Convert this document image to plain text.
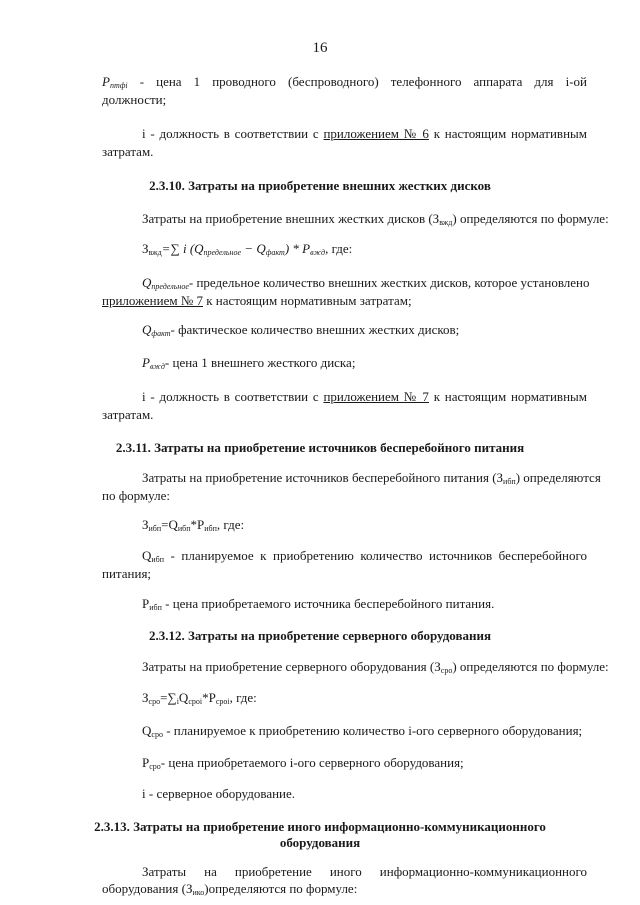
16
$P_{птфi}$ - цена 1 проводного (беспроводного) телефонного аппарата для i-ой
должности;
i - должность в соответствии с приложением № 6 к настоящим нормативным
затратам.
2.3.10. Затраты на приобретение внешних жестких дисков
Затраты на приобретение внешних жестких дисков $(З_{вжд})$ определяются по формуле:
$З_{вжд}=\sum$ i $(Q_{предельное} - Q_{факт}) * P_{вжд}$, где:
$Q_{предельное}-$ предельное количество внешних жестких дисков, которое установлено
приложением № 7 к настоящим нормативным затратам;
$Q_{факт}-$ фактическое количество внешних жестких дисков;
$P_{вжд}-$ цена 1 внешнего жесткого диска;
i - должность в соответствии с приложением № 7 к настоящим нормативным
затратам.
2.3.11. Затраты на приобретение источников бесперебойного питания
Затраты на приобретение источников бесперебойного питания $(З_{ибп})$ определяются
по формуле:
$З_{ибп}=Q_{ибп}*P_{ибп}$, где:
$Q_{ибп}$ - планируемое к приобретению количество источников бесперебойного
питания;
$P_{ибп}$ - цена приобретаемого источника бесперебойного питания.
2.3.12. Затраты на приобретение серверного оборудования
Затраты на приобретение серверного оборудования $(З_{сро})$ определяются по формуле:
$З_{сро}=\sum_iQ_{сроi}*P_{сроi}$, где:
$Q_{сро}$ - планируемое к приобретению количество i-ого серверного оборудования;
$P_{сро}-$ цена приобретаемого i-ого серверного оборудования;
i - серверное оборудование.
2.3.13. Затраты на приобретение иного информационно-коммуникационного
оборудования
Затраты на приобретение иного информационно-коммуникационного
оборудования $(З_{ико})определяются$ по формуле:
